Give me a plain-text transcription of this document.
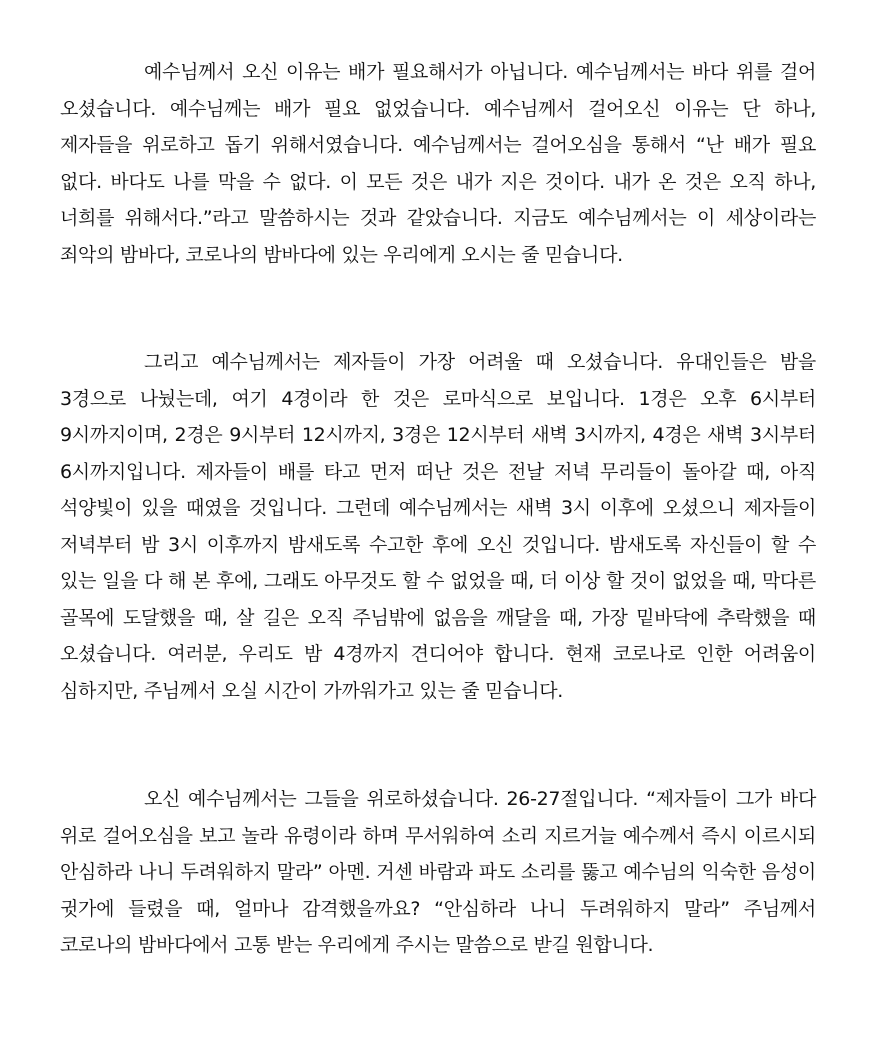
예수님께서 오신 이유는 배가 필요해서가 아닙니다. 예수님께서는 바다 위를 걸어 오셨습니다. 예수님께는 배가 필요 없었습니다. 예수님께서 걸어오신 이유는 단 하나, 제자들을 위로하고 돕기 위해서였습니다. 예수님께서는 걸어오심을 통해서 “난 배가 필요 없다. 바다도 나를 막을 수 없다. 이 모든 것은 내가 지은 것이다. 내가 온 것은 오직 하나, 너희를 위해서다.”라고 말씀하시는 것과 같았습니다. 지금도 예수님께서는 이 세상이라는 죄악의 밤바다, 코로나의 밤바다에 있는 우리에게 오시는 줄 믿습니다.

그리고 예수님께서는 제자들이 가장 어려울 때 오셨습니다. 유대인들은 밤을 3경으로 나눴는데, 여기 4경이라 한 것은 로마식으로 보입니다. 1경은 오후 6시부터 9시까지이며, 2경은 9시부터 12시까지, 3경은 12시부터 새벽 3시까지, 4경은 새벽 3시부터 6시까지입니다. 제자들이 배를 타고 먼저 떠난 것은 전날 저녁 무리들이 돌아갈 때, 아직 석양빛이 있을 때였을 것입니다. 그런데 예수님께서는 새벽 3시 이후에 오셨으니 제자들이 저녁부터 밤 3시 이후까지 밤새도록 수고한 후에 오신 것입니다. 밤새도록 자신들이 할 수 있는 일을 다 해 본 후에, 그래도 아무것도 할 수 없었을 때, 더 이상 할 것이 없었을 때, 막다른 골목에 도달했을 때, 살 길은 오직 주님밖에 없음을 깨달을 때, 가장 밑바닥에 추락했을 때 오셨습니다. 여러분, 우리도 밤 4경까지 견디어야 합니다. 현재 코로나로 인한 어려움이 심하지만, 주님께서 오실 시간이 가까워가고 있는 줄 믿습니다.

오신 예수님께서는 그들을 위로하셨습니다. 26-27절입니다. “제자들이 그가 바다 위로 걸어오심을 보고 놀라 유령이라 하며 무서워하여 소리 지르거늘 예수께서 즉시 이르시되 안심하라 나니 두려워하지 말라” 아멘. 거센 바람과 파도 소리를 뚫고 예수님의 익숙한 음성이 귓가에 들렸을 때, 얼마나 감격했을까요? “안심하라 나니 두려워하지 말라” 주님께서 코로나의 밤바다에서 고통 받는 우리에게 주시는 말씀으로 받길 원합니다.
